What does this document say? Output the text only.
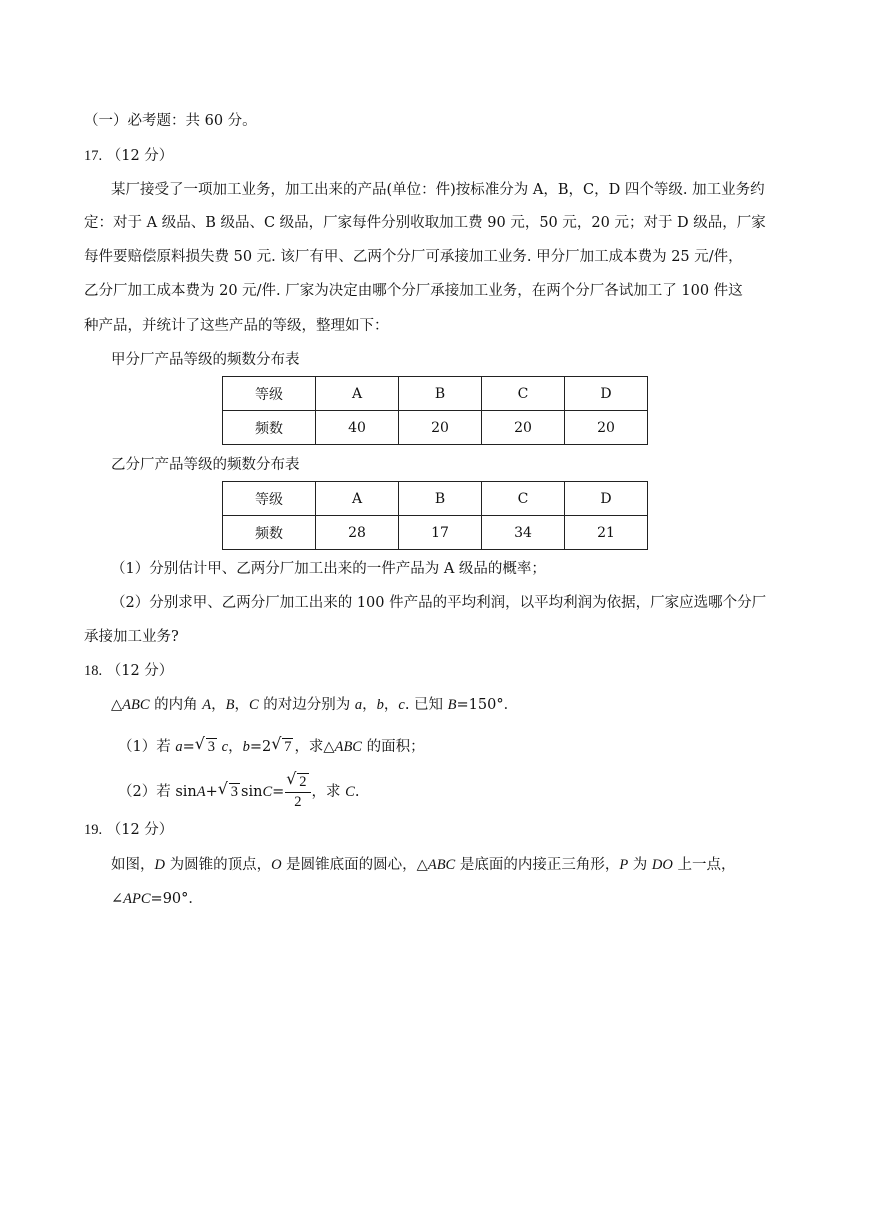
（一）必考题：共 60 分。
17. （12 分）
某厂接受了一项加工业务，加工出来的产品(单位：件)按标准分为 A，B，C，D 四个等级. 加工业务约
定：对于 A 级品、B 级品、C 级品，厂家每件分别收取加工费 90 元，50 元，20 元；对于 D 级品，厂家
每件要赔偿原料损失费 50 元. 该厂有甲、乙两个分厂可承接加工业务. 甲分厂加工成本费为 25 元/件，
乙分厂加工成本费为 20 元/件. 厂家为决定由哪个分厂承接加工业务，在两个分厂各试加工了 100 件这
种产品，并统计了这些产品的等级，整理如下：
甲分厂产品等级的频数分布表
等级	A	B	C	D
频数	40	20	20	20
乙分厂产品等级的频数分布表
等级	A	B	C	D
频数	28	17	34	21
（1）分别估计甲、乙两分厂加工出来的一件产品为 A 级品的概率；
（2）分别求甲、乙两分厂加工出来的 100 件产品的平均利润，以平均利润为依据，厂家应选哪个分厂
承接加工业务?
18. （12 分）
△ABC 的内角 A，B，C 的对边分别为 a，b，c. 已知 B=150°．
（1）若 a= √ 3 c，b=2 √ 7 ，求△ABC 的面积；
（2）若 sinA+ √ 3 sinC= √ $\frac{2}{2}$ ，求 C.
19. （12 分）
如图，D 为圆锥的顶点，O 是圆锥底面的圆心，△ABC 是底面的内接正三角形，P 为 DO 上一点，
∠APC=90°．
